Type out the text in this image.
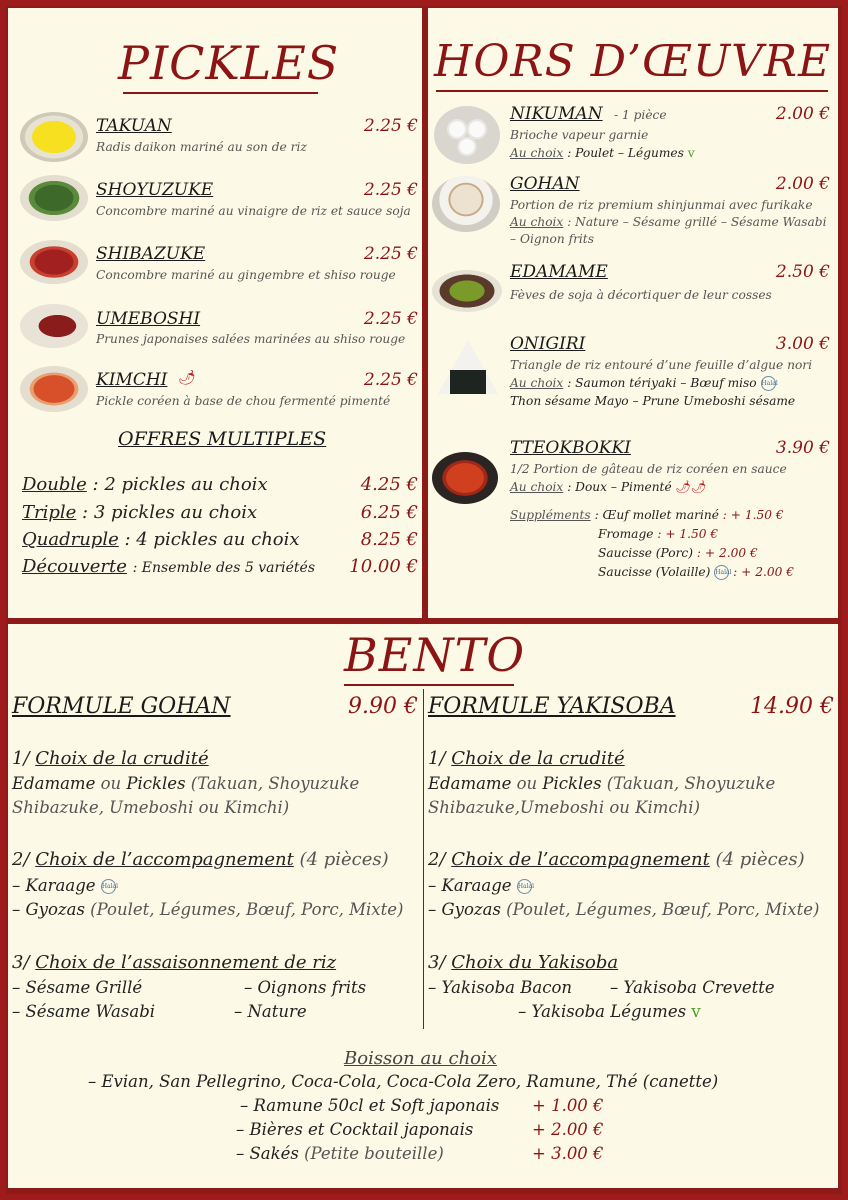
PICKLES
TAKUAN	2.25 €
Radis daikon mariné au son de riz
SHOYUZUKE	2.25 €
Concombre mariné au vinaigre de riz et sauce soja
SHIBAZUKE	2.25 €
Concombre mariné au gingembre et shiso rouge
UMEBOSHI	2.25 €
Prunes japonaises salées marinées au shiso rouge
KIMCHI 🌶	2.25 €
Pickle coréen à base de chou fermenté pimenté
OFFRES MULTIPLES
Double : 2 pickles au choix	4.25 €
Triple : 3 pickles au choix	6.25 €
Quadruple : 4 pickles au choix	8.25 €
Découverte : Ensemble des 5 variétés	10.00 €
HORS D’ŒUVRE
NIKUMAN - 1 pièce	2.00 €
Brioche vapeur garnie
Au choix : Poulet – Légumes v
GOHAN	2.00 €
Portion de riz premium shinjunmai avec furikake
Au choix : Nature – Sésame grillé – Sésame Wasabi
– Oignon frits
EDAMAME	2.50 €
Fèves de soja à décortiquer de leur cosses
ONIGIRI	3.00 €
Triangle de riz entouré d’une feuille d’algue nori
Au choix : Saumon tériyaki – Bœuf miso Halal
Thon sésame Mayo – Prune Umeboshi sésame
TTEOKBOKKI	3.90 €
1/2 Portion de gâteau de riz coréen en sauce
Au choix : Doux – Pimenté 🌶🌶
Suppléments : Œuf mollet mariné : + 1.50 €
Fromage : + 1.50 €
Saucisse (Porc) : + 2.00 €
Saucisse (Volaille) Halal : + 2.00 €
BENTO
FORMULE GOHAN	9.90 €
1/ Choix de la crudité
Edamame ou Pickles (Takuan, Shoyuzuke
Shibazuke, Umeboshi ou Kimchi)
2/ Choix de l’accompagnement (4 pièces)
– Karaage Halal
– Gyozas (Poulet, Légumes, Bœuf, Porc, Mixte)
3/ Choix de l’assaisonnement de riz
– Sésame Grillé	– Oignons frits
– Sésame Wasabi	– Nature
FORMULE YAKISOBA	14.90 €
1/ Choix de la crudité
Edamame ou Pickles (Takuan, Shoyuzuke
Shibazuke,Umeboshi ou Kimchi)
2/ Choix de l’accompagnement (4 pièces)
– Karaage Halal
– Gyozas (Poulet, Légumes, Bœuf, Porc, Mixte)
3/ Choix du Yakisoba
– Yakisoba Bacon – Yakisoba Crevette
– Yakisoba Légumes v
Boisson au choix
– Evian, San Pellegrino, Coca-Cola, Coca-Cola Zero, Ramune, Thé (canette)
– Ramune 50cl et Soft japonais + 1.00 €
– Bières et Cocktail japonais	+ 2.00 €
– Sakés (Petite bouteille)	+ 3.00 €
